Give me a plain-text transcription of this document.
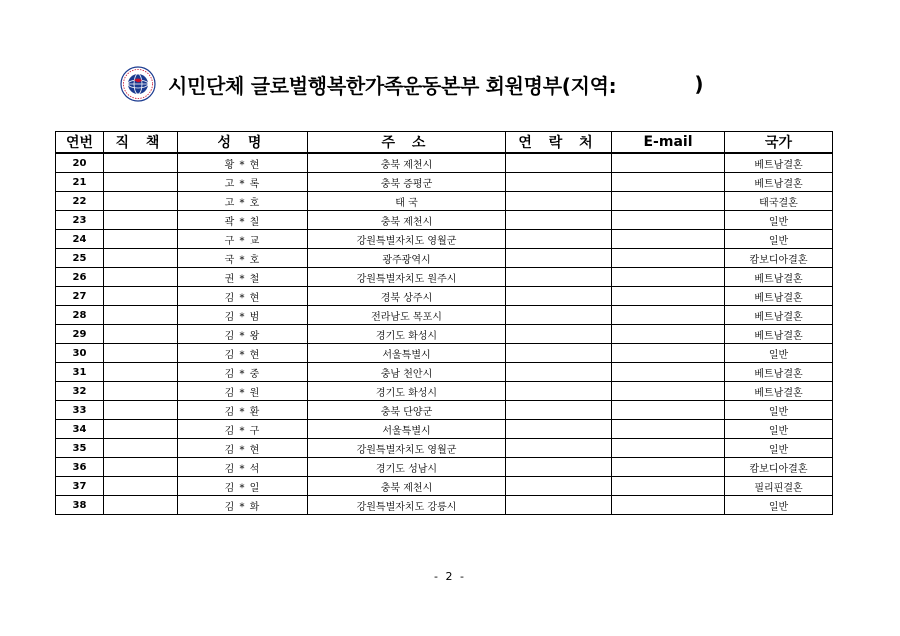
시민단체 글로벌행복한가족운동본부 회원명부(지역:	)
연번	직 책	성 명	주 소	연 락 처	E-mail	국가
20		황 * 현	충북 제천시			베트남결혼
21		고 * 록	충북 증평군			베트남결혼
22		고 * 호	태 국			태국결혼
23		곽 * 칠	충북 제천시			일반
24		구 * 교	강원특별자치도 영월군			일반
25		국 * 호	광주광역시			캄보디아결혼
26		권 * 철	강원특별자치도 원주시			베트남결혼
27		김 * 현	경북 상주시			베트남결혼
28		김 * 범	전라남도 목포시			베트남결혼
29		김 * 왕	경기도 화성시			베트남결혼
30		김 * 현	서울특별시			일반
31		김 * 중	충남 천안시			베트남결혼
32		김 * 원	경기도 화성시			베트남결혼
33		김 * 환	충북 단양군			일반
34		김 * 구	서울특별시			일반
35		김 * 현	강원특별자치도 영월군			일반
36		김 * 석	경기도 성남시			캄보디아결혼
37		김 * 일	충북 제천시			필리핀결혼
38		김 * 화	강원특별자치도 강릉시			일반
- 2 -
